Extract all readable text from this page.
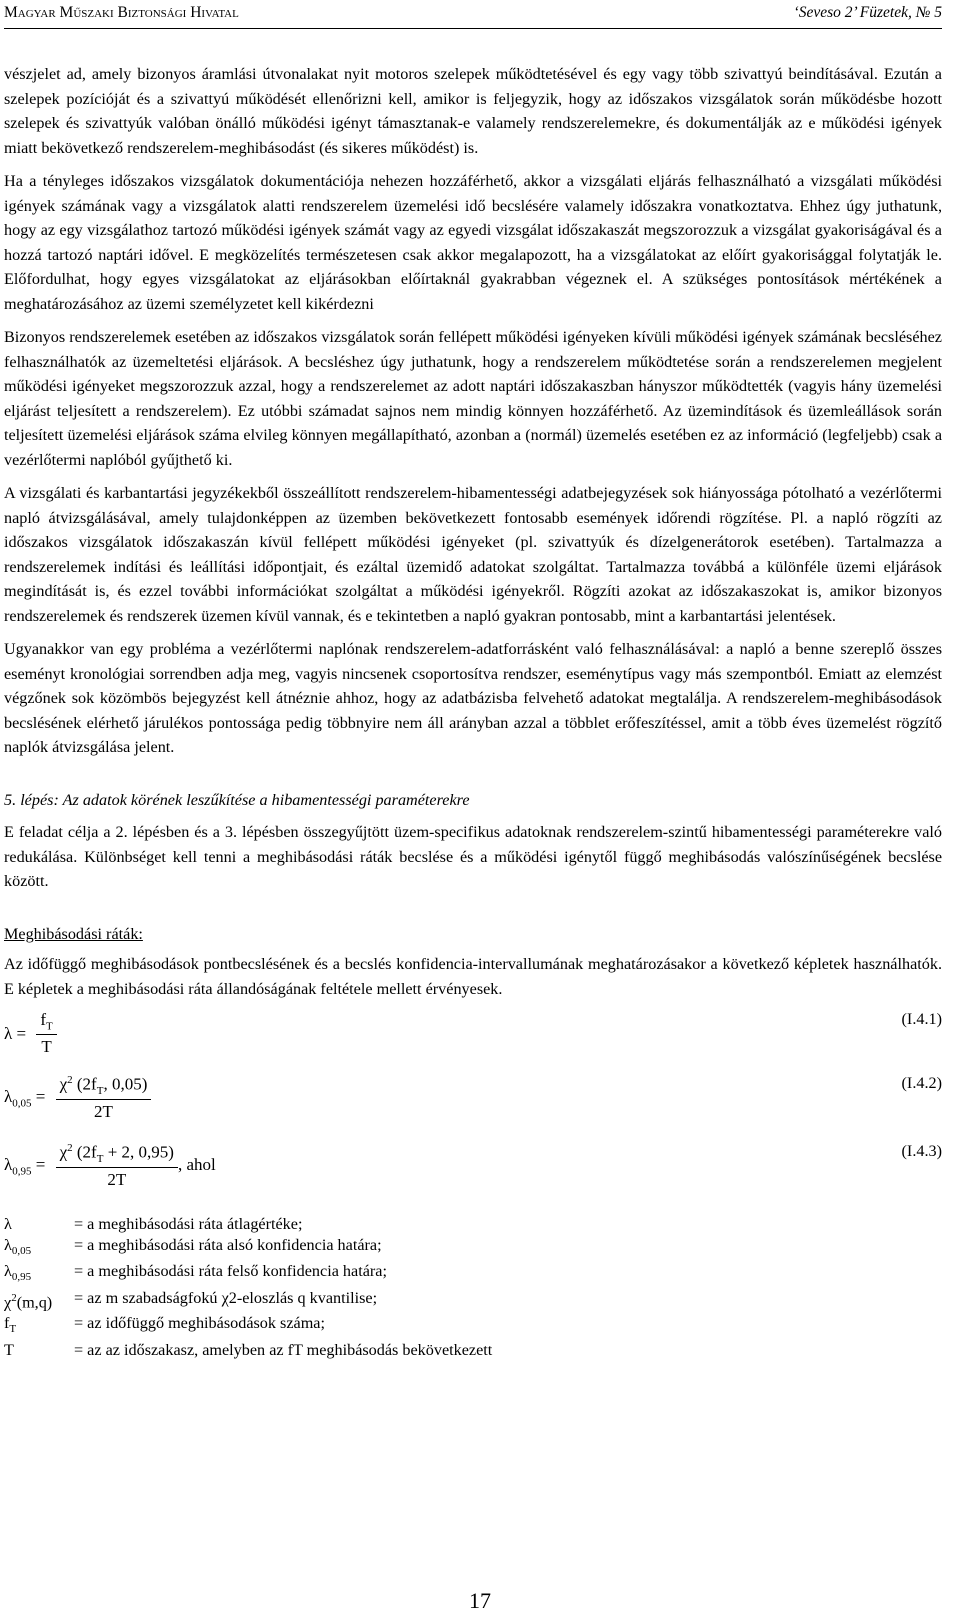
Magyar Műszaki Biztonsági Hivatal	‘Seveso 2’ Füzetek, № 5

vészjelet ad, amely bizonyos áramlási útvonalakat nyit motoros szelepek működtetésével és egy vagy több szivattyú beindításával. Ezután a szelepek pozícióját és a szivattyú működését ellenőrizni kell, amikor is feljegyzik, hogy az időszakos vizsgálatok során működésbe hozott szelepek és szivattyúk valóban önálló működési igényt támasztanak-e valamely rendszerelemekre, és dokumentálják az e működési igények miatt bekövetkező rendszerelem-meghibásodást (és sikeres működést) is.

Ha a tényleges időszakos vizsgálatok dokumentációja nehezen hozzáférhető, akkor a vizsgálati eljárás felhasználható a vizsgálati működési igények számának vagy a vizsgálatok alatti rendszerelem üzemelési idő becslésére valamely időszakra vonatkoztatva. Ehhez úgy juthatunk, hogy az egy vizsgálathoz tartozó működési igények számát vagy az egyedi vizsgálat időszakaszát megszorozzuk a vizsgálat gyakoriságával és a hozzá tartozó naptári idővel. E megközelítés természetesen csak akkor megalapozott, ha a vizsgálatokat az előírt gyakorisággal folytatják le. Előfordulhat, hogy egyes vizsgálatokat az eljárásokban előírtaknál gyakrabban végeznek el. A szükséges pontosítások mértékének a meghatározásához az üzemi személyzetet kell kikérdezni

Bizonyos rendszerelemek esetében az időszakos vizsgálatok során fellépett működési igényeken kívüli működési igények számának becsléséhez felhasználhatók az üzemeltetési eljárások. A becsléshez úgy juthatunk, hogy a rendszerelem működtetése során a rendszerelemen megjelent működési igényeket megszorozzuk azzal, hogy a rendszerelemet az adott naptári időszakaszban hányszor működtették (vagyis hány üzemelési eljárást teljesített a rendszerelem). Ez utóbbi számadat sajnos nem mindig könnyen hozzáférhető. Az üzemindítások és üzemleállások során teljesített üzemelési eljárások száma elvileg könnyen megállapítható, azonban a (normál) üzemelés esetében ez az információ (legfeljebb) csak a vezérlőtermi naplóból gyűjthető ki.

A vizsgálati és karbantartási jegyzékekből összeállított rendszerelem-hibamentességi adatbejegyzések sok hiányossága pótolható a vezérlőtermi napló átvizsgálásával, amely tulajdonképpen az üzemben bekövetkezett fontosabb események időrendi rögzítése. Pl. a napló rögzíti az időszakos vizsgálatok időszakaszán kívül fellépett működési igényeket (pl. szivattyúk és dízelgenerátorok esetében). Tartalmazza a rendszerelemek indítási és leállítási időpontjait, és ezáltal üzemidő adatokat szolgáltat. Tartalmazza továbbá a különféle üzemi eljárások megindítását is, és ezzel további információkat szolgáltat a működési igényekről. Rögzíti azokat az időszakaszokat is, amikor bizonyos rendszerelemek és rendszerek üzemen kívül vannak, és e tekintetben a napló gyakran pontosabb, mint a karbantartási jelentések.

Ugyanakkor van egy probléma a vezérlőtermi naplónak rendszerelem-adatforrásként való felhasználásával: a napló a benne szereplő összes eseményt kronológiai sorrendben adja meg, vagyis nincsenek csoportosítva rendszer, eseménytípus vagy más szempontból. Emiatt az elemzést végzőnek sok közömbös bejegyzést kell átnéznie ahhoz, hogy az adatbázisba felvehető adatokat megtalálja. A rendszerelem-meghibásodások becslésének elérhető járulékos pontossága pedig többnyire nem áll arányban azzal a többlet erőfeszítéssel, amit a több éves üzemelést rögzítő naplók átvizsgálása jelent.

5. lépés: Az adatok körének leszűkítése a hibamentességi paraméterekre

E feladat célja a 2. lépésben és a 3. lépésben összegyűjtött üzem-specifikus adatoknak rendszerelem-szintű hibamentességi paraméterekre való redukálása. Különbséget kell tenni a meghibásodási ráták becslése és a működési igénytől függő meghibásodás valószínűségének becslése között.

Meghibásodási ráták:

Az időfüggő meghibásodások pontbecslésének és a becslés konfidencia-intervallumának meghatározásakor a következő képletek használhatók. E képletek a meghibásodási ráta állandóságának feltétele mellett érvényesek.

$\lambda = \frac{f_T}{T}$	(I.4.1)
$\lambda_{0,05} = \frac{\chi^2 (2f_T, 0,05)}{2T}$	(I.4.2)
$\lambda_{0,95} = \frac{\chi^2 (2f_T + 2, 0,95)}{2T}$ , ahol
(I.4.3)
λ	= a meghibásodási ráta átlagértéke;
$\lambda_{0,05}$	= a meghibásodási ráta alsó konfidencia határa;
$\lambda_{0,95}$	= a meghibásodási ráta felső konfidencia határa;
$\chi^2(m,q)$	= az m szabadságfokú χ2-eloszlás q kvantilise;
$f_T$	= az időfüggő meghibásodások száma;
T	= az az időszakasz, amelyben az fT meghibásodás bekövetkezett
17
